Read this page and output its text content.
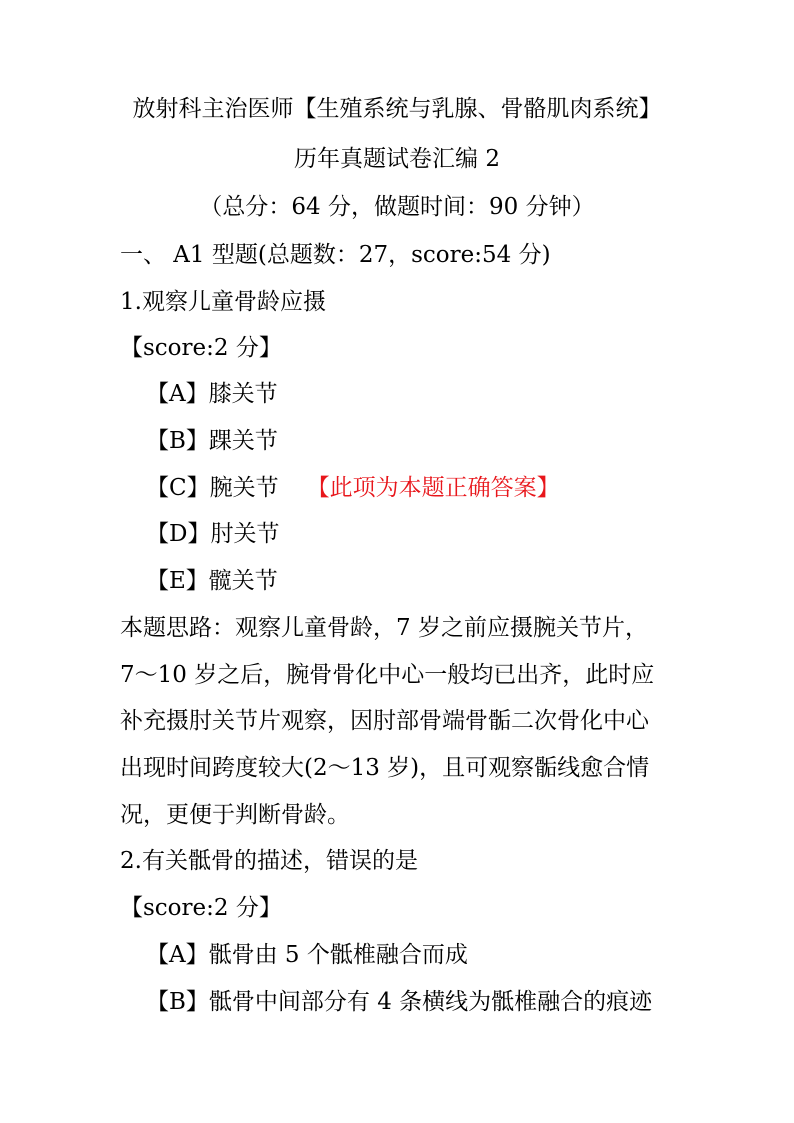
放射科主治医师【生殖系统与乳腺、骨骼肌肉系统】
历年真题试卷汇编 2
（总分：64 分，做题时间：90 分钟）
一、 A1 型题(总题数：27，score:54 分)
1.观察儿童骨龄应摄
【score:2 分】
【A】膝关节
【B】踝关节
【C】腕关节 【此项为本题正确答案】
【D】肘关节
【E】髋关节
本题思路：观察儿童骨龄，7 岁之前应摄腕关节片，
7～10 岁之后，腕骨骨化中心一般均已出齐，此时应
补充摄肘关节片观察，因肘部骨端骨骺二次骨化中心
出现时间跨度较大(2～13 岁)，且可观察骺线愈合情
况，更便于判断骨龄。
2.有关骶骨的描述，错误的是
【score:2 分】
【A】骶骨由 5 个骶椎融合而成
【B】骶骨中间部分有 4 条横线为骶椎融合的痕迹
